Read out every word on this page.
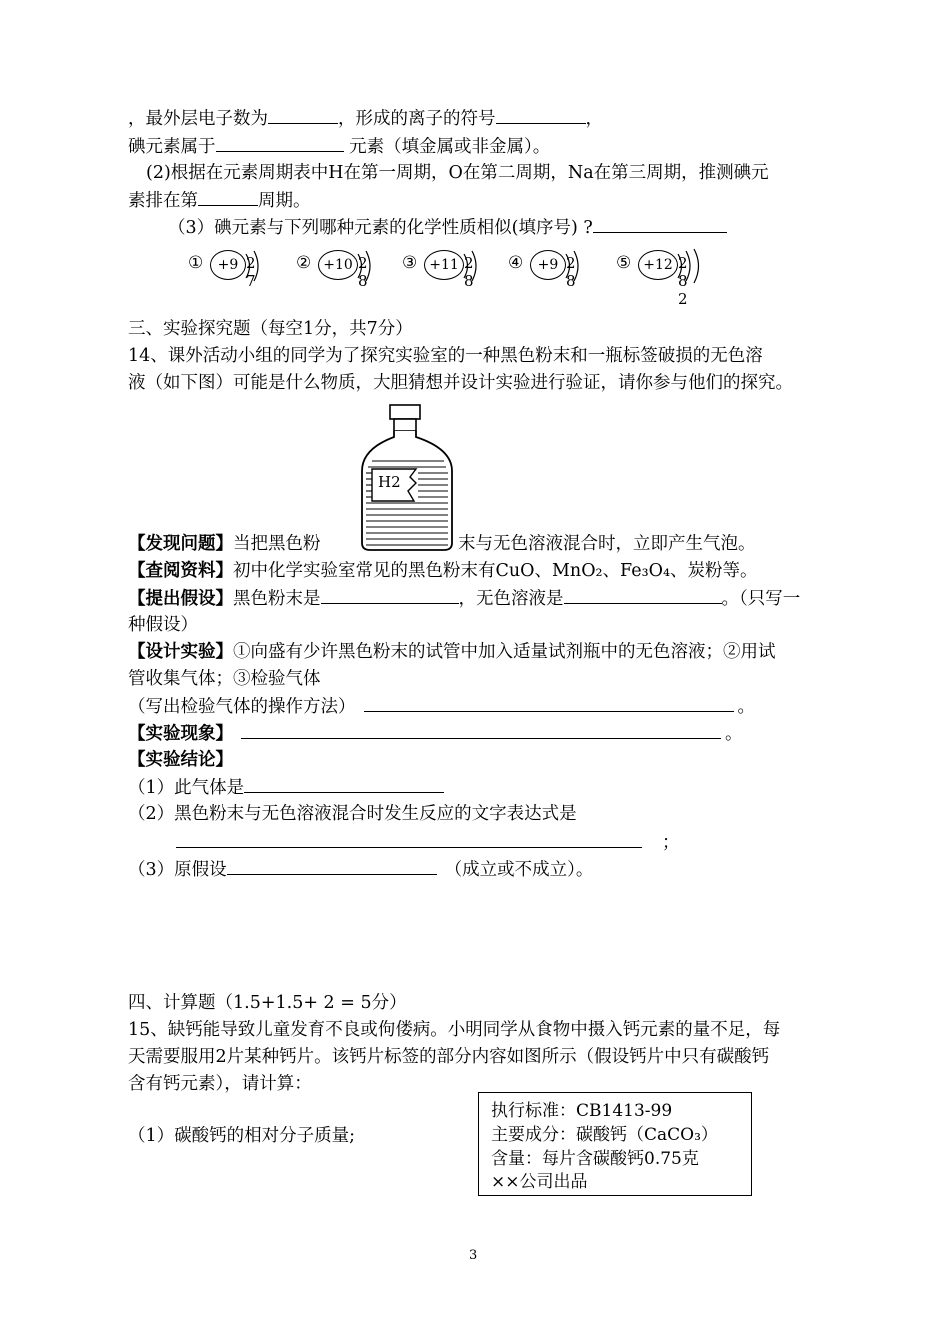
，最外层电子数为	，形成的离子的符号	，
碘元素属于	元素（填金属或非金属）。
(2)根据在元素周期表中H在第一周期，O在第二周期，Na在第三周期，推测碘元
素排在第	周期。
（3）碘元素与下列哪种元素的化学性质相似(填序号) ?
①	+9 2 7
② +10 2 8
③ +11 2 8
④	+9 2 8
⑤ +12 2 8 2
三、实验探究题（每空1分，共7分）
14、课外活动小组的同学为了探究实验室的一种黑色粉末和一瓶标签破损的无色溶
液（如下图）可能是什么物质，大胆猜想并设计实验进行验证，请你参与他们的探究。
H2
【发现问题】当把黑色粉	末与无色溶液混合时，立即产生气泡。
【查阅资料】初中化学实验室常见的黑色粉末有CuO、MnO₂、Fe₃O₄、炭粉等。
【提出假设】黑色粉末是	，无色溶液是	。（只写一
种假设）
【设计实验】①向盛有少许黑色粉末的试管中加入适量试剂瓶中的无色溶液；②用试
管收集气体；③检验气体
（写出检验气体的操作方法）	。
【实验现象】	。
【实验结论】
（1）此气体是
（2）黑色粉末与无色溶液混合时发生反应的文字表达式是
；
（3）原假设	（成立或不成立）。
四、计算题（1.5+1.5+ 2 = 5分）
15、缺钙能导致儿童发育不良或佝偻病。小明同学从食物中摄入钙元素的量不足，每
天需要服用2片某种钙片。该钙片标签的部分内容如图所示（假设钙片中只有碳酸钙
含有钙元素），请计算：
（1）碳酸钙的相对分子质量;
执行标准：CB1413-99
主要成分：碳酸钙（CaCO₃）
含量：每片含碳酸钙0.75克
××公司出品
3
